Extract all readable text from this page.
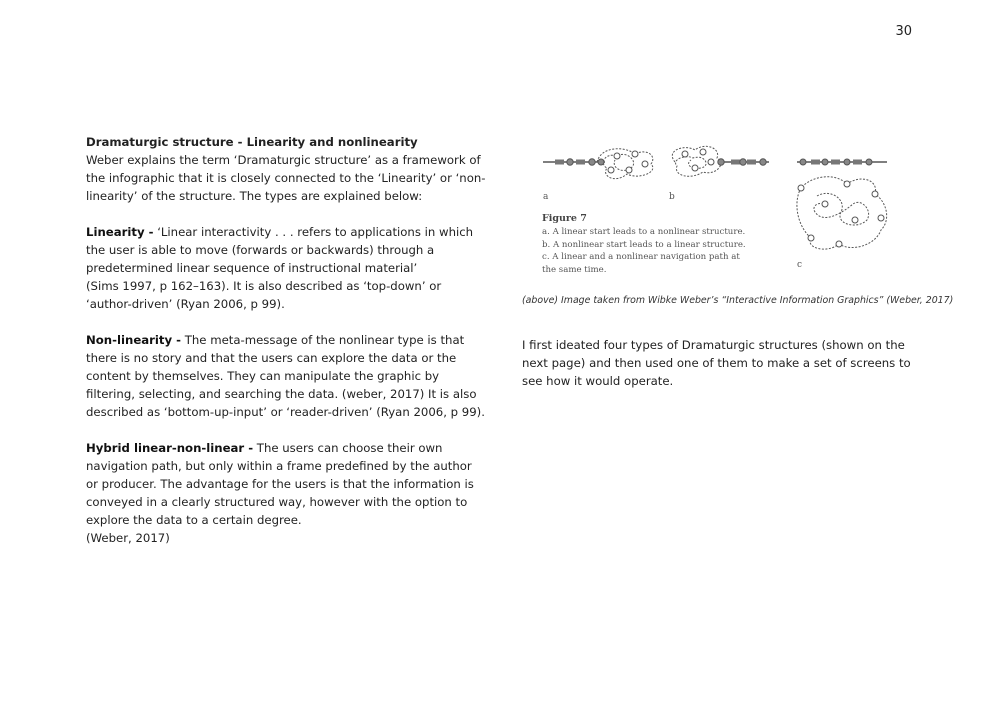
30

Dramaturgic structure - Linearity and nonlinearity
Weber explains the term ‘Dramaturgic structure’ as a framework of the infographic that it is closely connected to the ‘Linearity’ or ‘non-linearity’ of the structure. The types are explained below:

Linearity - ‘Linear interactivity . . . refers to applications in which the user is able to move (forwards or backwards) through a predetermined linear sequence of instructional material’
(Sims 1997, p 162–163). It is also described as ‘top-down’ or ‘author-driven’ (Ryan 2006, p 99).

Non-linearity - The meta-message of the nonlinear type is that there is no story and that the users can explore the data or the content by themselves. They can manipulate the graphic by filtering, selecting, and searching the data. (weber, 2017) It is also described as ‘bottom-up-input’ or ‘reader-driven’ (Ryan 2006, p 99).

Hybrid linear-non-linear - The users can choose their own navigation path, but only within a frame predefined by the author or producer. The advantage for the users is that the information is conveyed in a clearly structured way, however with the option to explore the data to a certain degree.
(Weber, 2017)

a	b
c
Figure 7
a. A linear start leads to a nonlinear structure.
b. A nonlinear start leads to a linear structure.
c. A linear and a nonlinear navigation path at
the same time.
(above) Image taken from Wibke Weber’s “Interactive Information Graphics” (Weber, 2017)
I first ideated four types of Dramaturgic structures (shown on the next page) and then used one of them to make a set of screens to see how it would operate.
